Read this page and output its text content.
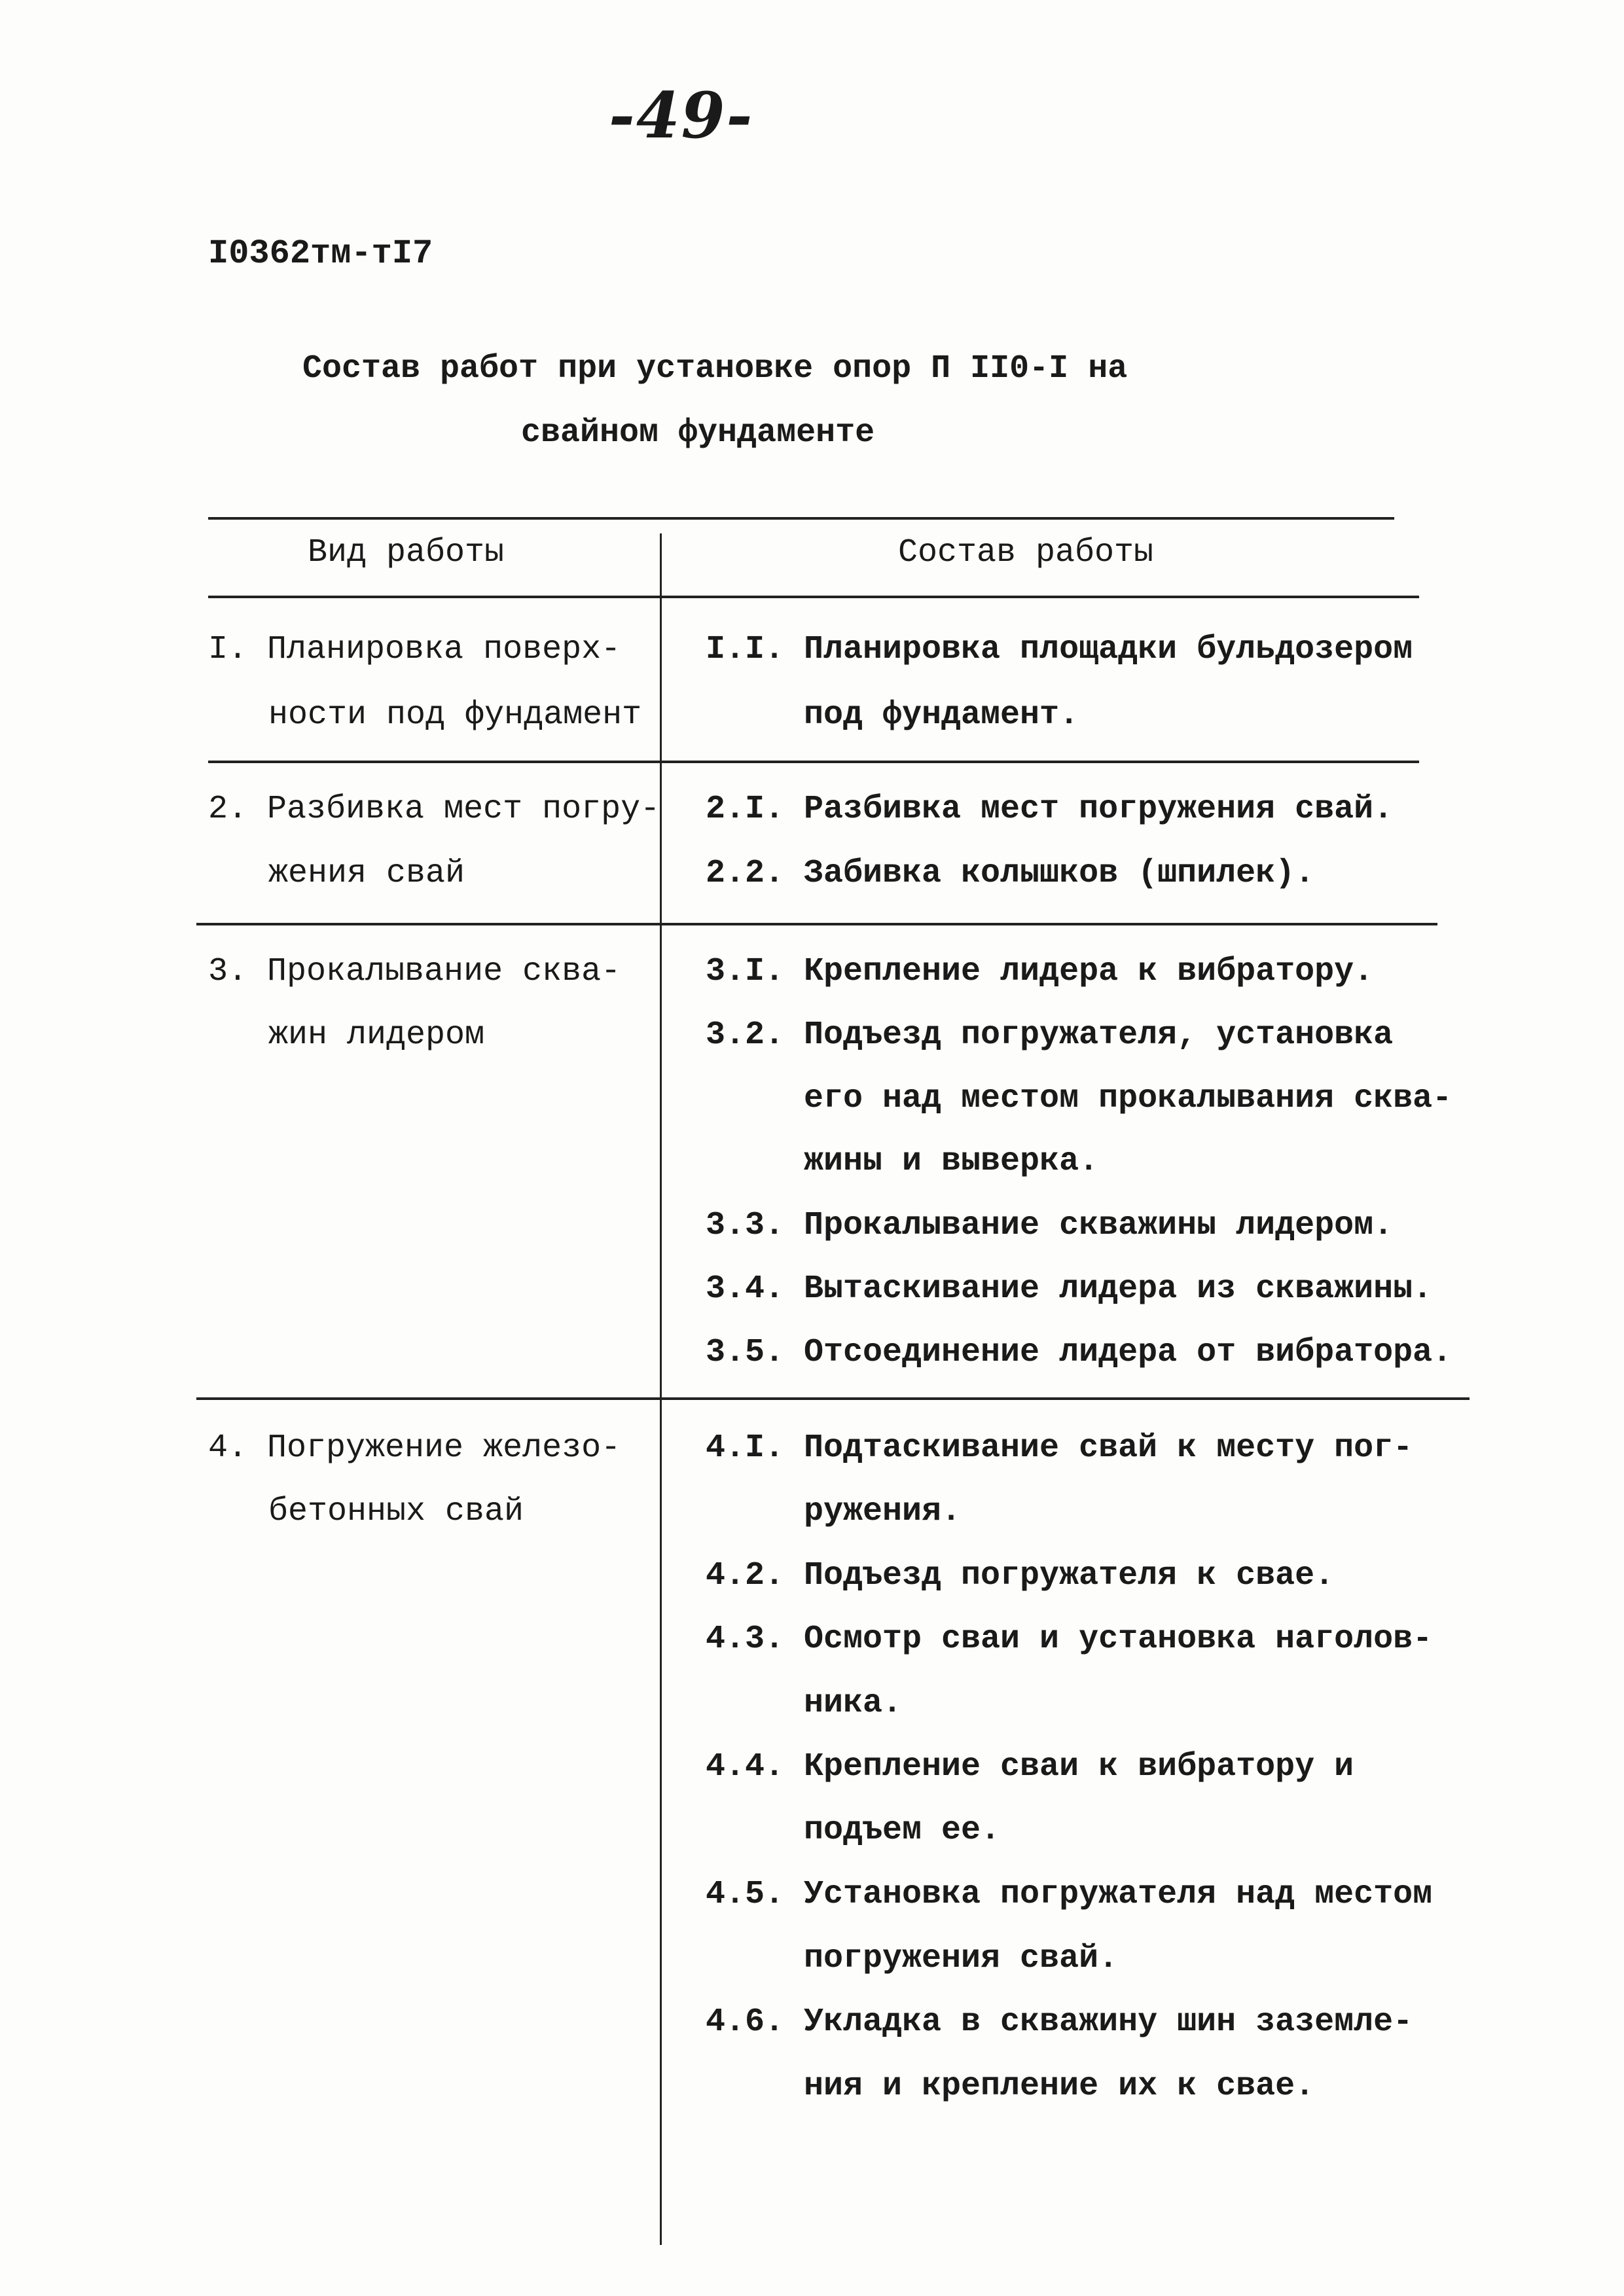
-49-
I0362тм-тI7
Состав работ при установке опор П II0-I на
свайном фундаменте
Вид работы	Состав работы
I. Планировка поверх-
ности под фундамент
I.I. Планировка площадки бульдозером
под фундамент.
2. Разбивка мест погру-
жения свай
2.I. Разбивка мест погружения свай.
2.2. Забивка колышков (шпилек).
3. Прокалывание сква-
жин лидером
3.I. Крепление лидера к вибратору.
3.2. Подъезд погружателя, установка
его над местом прокалывания сква-
жины и выверка.
3.3. Прокалывание скважины лидером.
3.4. Вытаскивание лидера из скважины.
3.5. Отсоединение лидера от вибратора.
4. Погружение железо-
бетонных свай
4.I. Подтаскивание свай к месту пог-
ружения.
4.2. Подъезд погружателя к свае.
4.3. Осмотр сваи и установка наголов-
ника.
4.4. Крепление сваи к вибратору и
подъем ее.
4.5. Установка погружателя над местом
погружения свай.
4.6. Укладка в скважину шин заземле-
ния и крепление их к свае.
